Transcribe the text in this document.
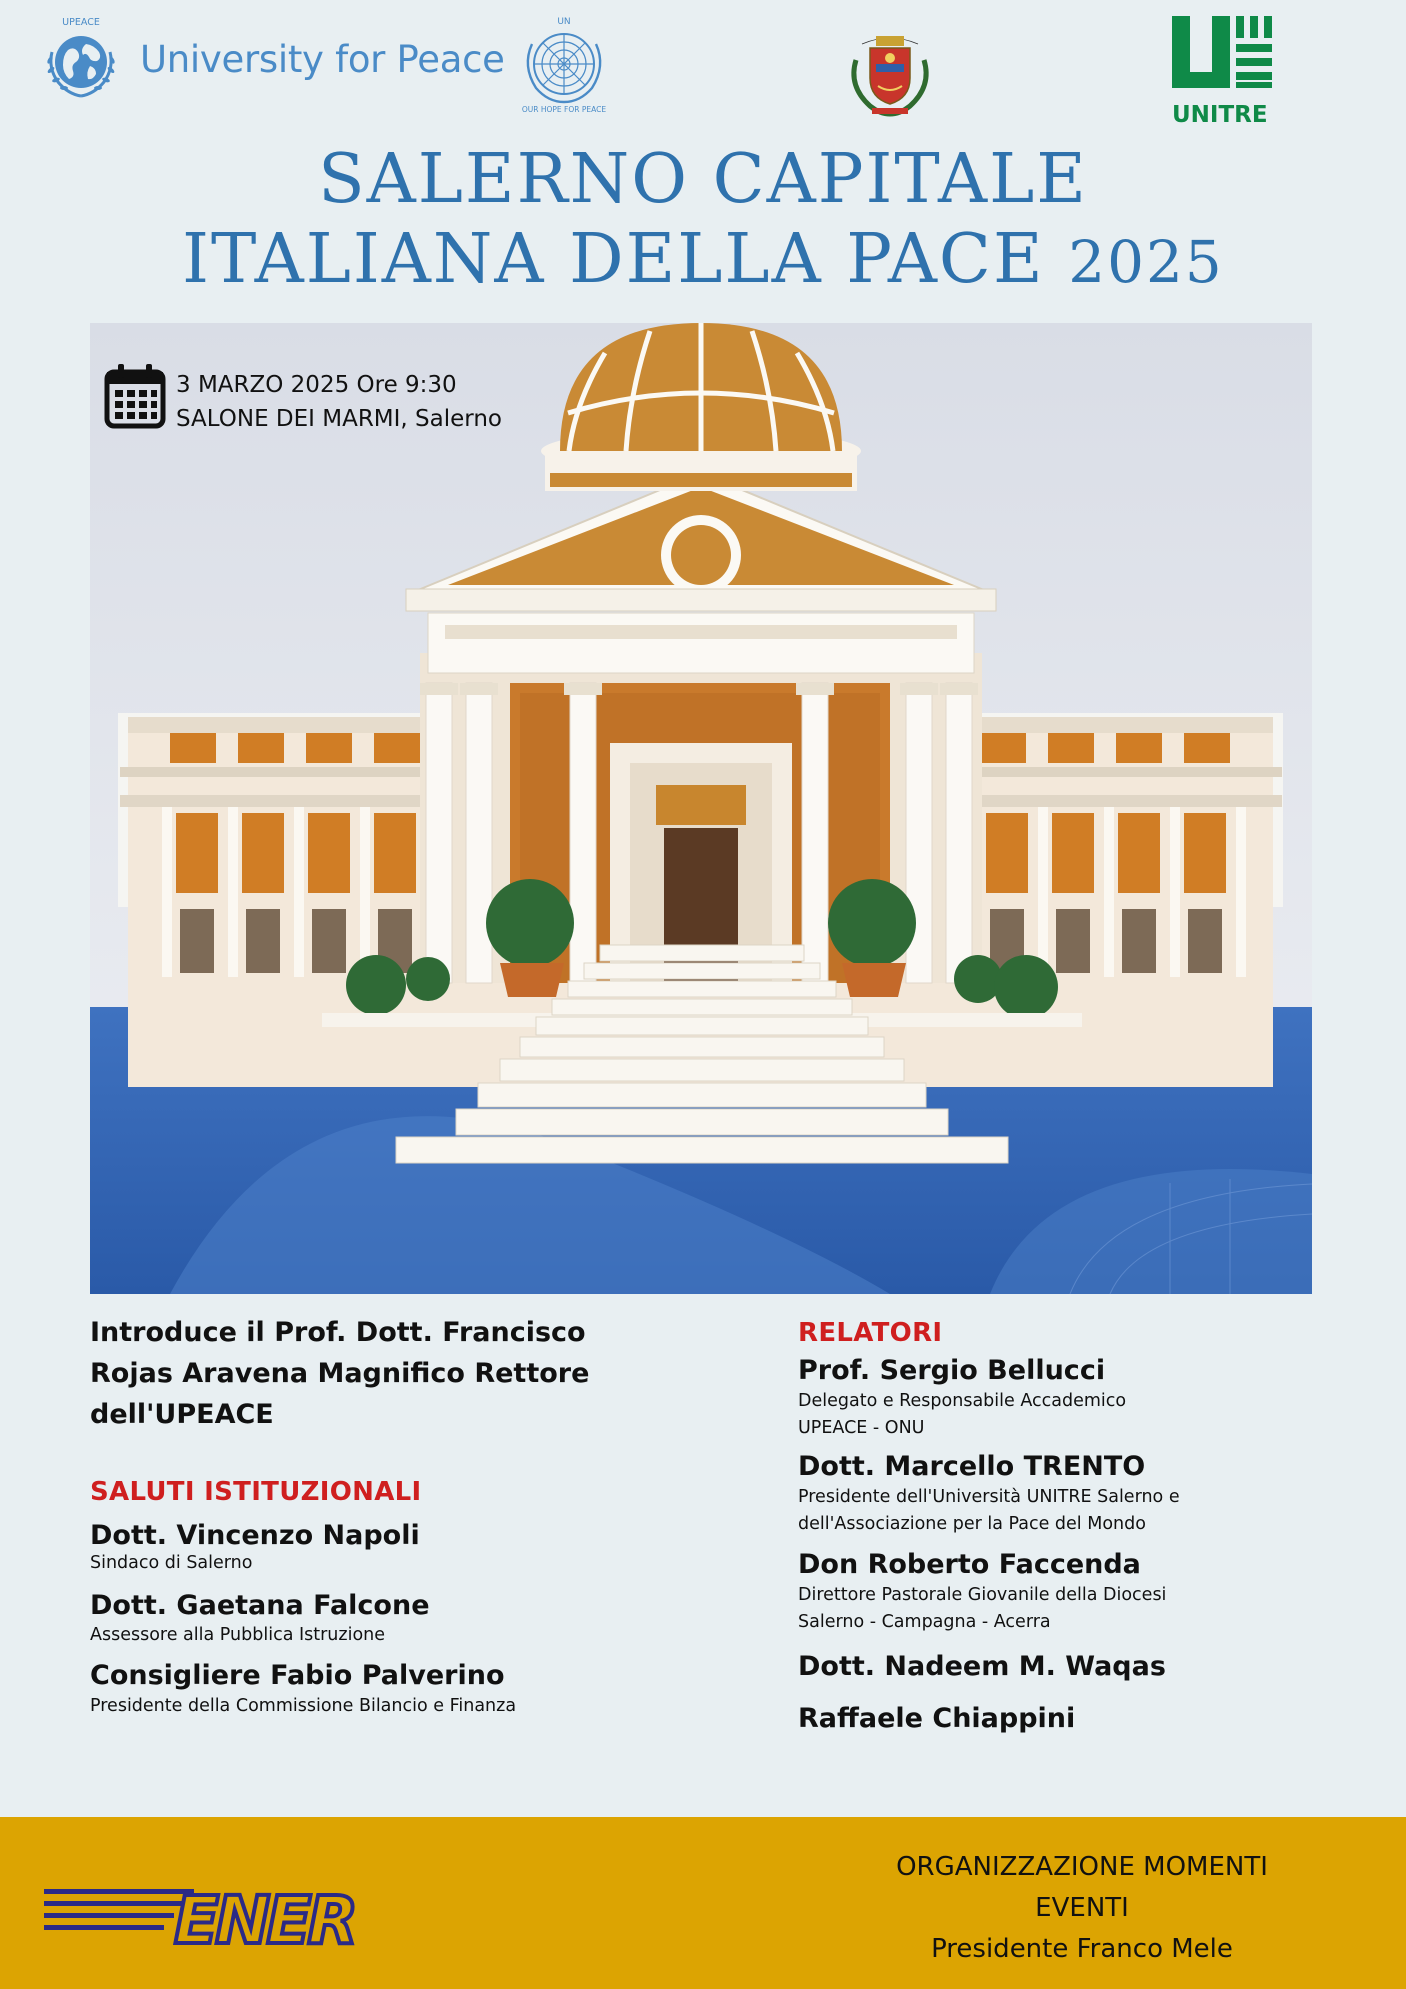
UPEACE
University for Peace
UN
OUR HOPE FOR PEACE	UNITRE
SALERNO CAPITALE
ITALIANA DELLA PACE 2025
3 MARZO 2025 Ore 9:30
SALONE DEI MARMI, Salerno
Introduce il Prof. Dott. Francisco Rojas Aravena Magnifico Rettore dell'UPEACE
SALUTI ISTITUZIONALI
Dott. Vincenzo Napoli
Sindaco di Salerno
Dott. Gaetana Falcone
Assessore alla Pubblica Istruzione
Consigliere Fabio Palverino
Presidente della Commissione Bilancio e Finanza
RELATORI
Prof. Sergio Bellucci
Delegato e Responsabile Accademico UPEACE - ONU
Dott. Marcello TRENTO
Presidente dell'Università UNITRE Salerno e dell'Associazione per la Pace del Mondo
Don Roberto Faccenda
Direttore Pastorale Giovanile della Diocesi Salerno - Campagna - Acerra
Dott. Nadeem M. Waqas
Raffaele Chiappini
ENER
ORGANIZZAZIONE MOMENTI
EVENTI
Presidente Franco Mele
